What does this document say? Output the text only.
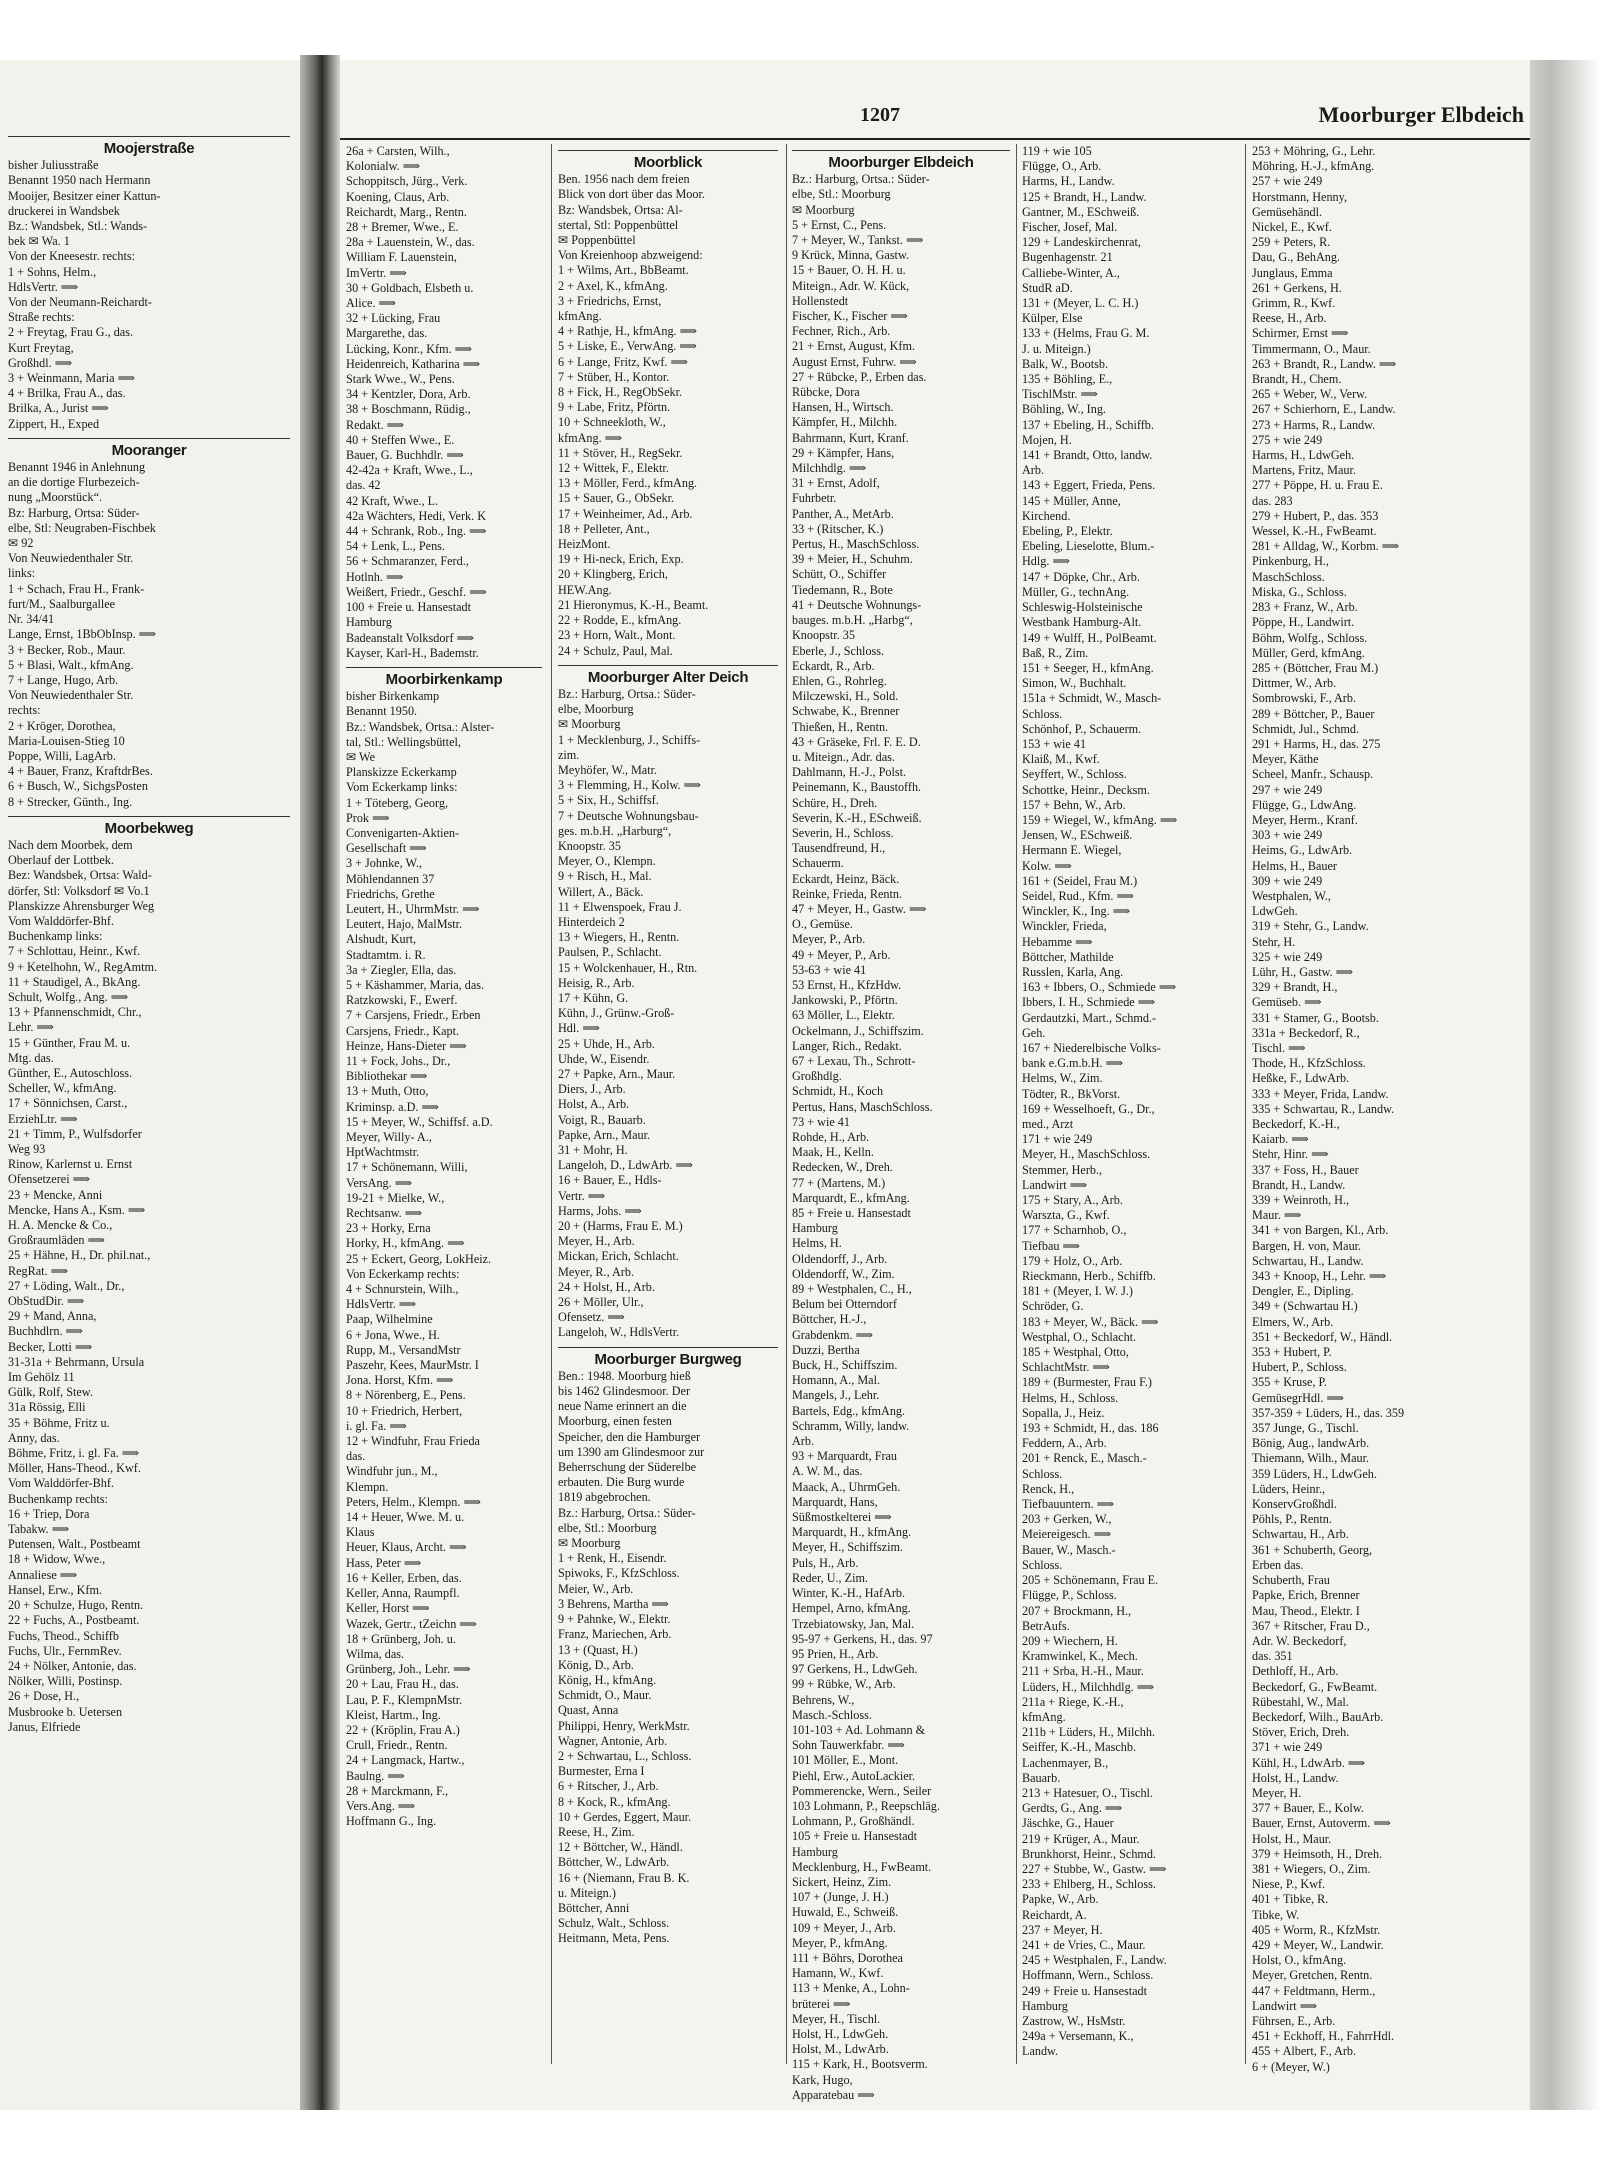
Moojerstraße
bisher Juliusstraße
Benannt 1950 nach Hermann
Mooijer, Besitzer einer Kattun-
druckerei in Wandsbek
Bz.: Wandsbek, Stl.: Wands-
bek ✉ Wa. 1
Von der Kneesestr. rechts:
1 + Sohns, Helm.,
HdlsVertr. ⟹
Von der Neumann-Reichardt-
Straße rechts:
2 + Freytag, Frau G., das.
Kurt Freytag,
Großhdl. ⟹
3 + Weinmann, Maria ⟹
4 + Brilka, Frau A., das.
Brilka, A., Jurist ⟹
Zippert, H., Exped
Mooranger
Benannt 1946 in Anlehnung
an die dortige Flurbezeich-
nung „Moorstück“.
Bz: Harburg, Ortsa: Süder-
elbe, Stl: Neugraben-Fischbek
✉ 92
Von Neuwiedenthaler Str.
links:
1 + Schach, Frau H., Frank-
furt/M., Saalburgallee
Nr. 34/41
Lange, Ernst, 1BbObInsp. ⟹
3 + Becker, Rob., Maur.
5 + Blasi, Walt., kfmAng.
7 + Lange, Hugo, Arb.
Von Neuwiedenthaler Str.
rechts:
2 + Kröger, Dorothea,
Maria-Louisen-Stieg 10
Poppe, Willi, LagArb.
4 + Bauer, Franz, KraftdrBes.
6 + Busch, W., SichgsPosten
8 + Strecker, Günth., Ing.
Moorbekweg
Nach dem Moorbek, dem
Oberlauf der Lottbek.
Bez: Wandsbek, Ortsa: Wald-
dörfer, Stl: Volksdorf ✉ Vo.1
Planskizze Ahrensburger Weg
Vom Walddörfer-Bhf.
Buchenkamp links:
7 + Schlottau, Heinr., Kwf.
9 + Ketelhohn, W., RegAmtm.
11 + Staudigel, A., BkAng.
Schult, Wolfg., Ang. ⟹
13 + Pfannenschmidt, Chr.,
Lehr. ⟹
15 + Günther, Frau M. u.
Mtg. das.
Günther, E., Autoschloss.
Scheller, W., kfmAng.
17 + Sönnichsen, Carst.,
ErziehLtr. ⟹
21 + Timm, P., Wulfsdorfer
Weg 93
Rinow, Karlernst u. Ernst
Ofensetzerei ⟹
23 + Mencke, Anni
Mencke, Hans A., Ksm. ⟹
H. A. Mencke & Co.,
Großraumläden ⟹
25 + Hähne, H., Dr. phil.nat.,
RegRat. ⟹
27 + Löding, Walt., Dr.,
ObStudDir. ⟹
29 + Mand, Anna,
Buchhdlrn. ⟹
Becker, Lotti ⟹
31-31a + Behrmann, Ursula
Im Gehölz 11
Gülk, Rolf, Stew.
31a Rössig, Elli
35 + Böhme, Fritz u.
Anny, das.
Böhme, Fritz, i. gl. Fa. ⟹
Möller, Hans-Theod., Kwf.
Vom Walddörfer-Bhf.
Buchenkamp rechts:
16 + Triep, Dora
Tabakw. ⟹
Putensen, Walt., Postbeamt
18 + Widow, Wwe.,
Annaliese ⟹
Hansel, Erw., Kfm.
20 + Schulze, Hugo, Rentn.
22 + Fuchs, A., Postbeamt.
Fuchs, Theod., Schiffb
Fuchs, Ulr., FernmRev.
24 + Nölker, Antonie, das.
Nölker, Willi, Postinsp.
26 + Dose, H.,
Musbrooke b. Uetersen
Janus, Elfriede
1207	Moorburger Elbdeich
26a + Carsten, Wilh.,
Kolonialw. ⟹
Schoppitsch, Jürg., Verk.
Koening, Claus, Arb.
Reichardt, Marg., Rentn.
28 + Bremer, Wwe., E.
28a + Lauenstein, W., das.
William F. Lauenstein,
ImVertr. ⟹
30 + Goldbach, Elsbeth u.
Alice. ⟹
32 + Lücking, Frau
Margarethe, das.
Lücking, Konr., Kfm. ⟹
Heidenreich, Katharina ⟹
Stark Wwe., W., Pens.
34 + Kentzler, Dora, Arb.
38 + Boschmann, Rüdig.,
Redakt. ⟹
40 + Steffen Wwe., E.
Bauer, G. Buchhdlr. ⟹
42-42a + Kraft, Wwe., L.,
das. 42
42 Kraft, Wwe., L.
42a Wächters, Hedi, Verk. K
44 + Schrank, Rob., Ing. ⟹
54 + Lenk, L., Pens.
56 + Schmaranzer, Ferd.,
Hotlnh. ⟹
Weißert, Friedr., Geschf. ⟹
100 + Freie u. Hansestadt
Hamburg
Badeanstalt Volksdorf ⟹
Kayser, Karl-H., Bademstr.
Moorbirkenkamp
bisher Birkenkamp
Benannt 1950.
Bz.: Wandsbek, Ortsa.: Alster-
tal, Stl.: Wellingsbüttel,
✉ We
Planskizze Eckerkamp
Vom Eckerkamp links:
1 + Töteberg, Georg,
Prok ⟹
Convenigarten-Aktien-
Gesellschaft ⟹
3 + Johnke, W.,
Möhlendannen 37
Friedrichs, Grethe
Leutert, H., UhrmMstr. ⟹
Leutert, Hajo, MalMstr.
Alshudt, Kurt,
Stadtamtm. i. R.
3a + Ziegler, Ella, das.
5 + Käshammer, Maria, das.
Ratzkowski, F., Ewerf.
7 + Carsjens, Friedr., Erben
Carsjens, Friedr., Kapt.
Heinze, Hans-Dieter ⟹
11 + Fock, Johs., Dr.,
Bibliothekar ⟹
13 + Muth, Otto,
Kriminsp. a.D. ⟹
15 + Meyer, W., Schiffsf. a.D.
Meyer, Willy- A.,
HptWachtmstr.
17 + Schönemann, Willi,
VersAng. ⟹
19-21 + Mielke, W.,
Rechtsanw. ⟹
23 + Horky, Erna
Horky, H., kfmAng. ⟹
25 + Eckert, Georg, LokHeiz.
Von Eckerkamp rechts:
4 + Schnurstein, Wilh.,
HdlsVertr. ⟹
Paap, Wilhelmine
6 + Jona, Wwe., H.
Rupp, M., VersandMstr
Paszehr, Kees, MaurMstr. I
Jona. Horst, Kfm. ⟹
8 + Nörenberg, E., Pens.
10 + Friedrich, Herbert,
i. gl. Fa. ⟹
12 + Windfuhr, Frau Frieda
das.
Windfuhr jun., M.,
Klempn.
Peters, Helm., Klempn. ⟹
14 + Heuer, Wwe. M. u.
Klaus
Heuer, Klaus, Archt. ⟹
Hass, Peter ⟹
16 + Keller, Erben, das.
Keller, Anna, Raumpfl.
Keller, Horst ⟹
Wazek, Gertr., tZeichn ⟹
18 + Grünberg, Joh. u.
Wilma, das.
Grünberg, Joh., Lehr. ⟹
20 + Lau, Frau H., das.
Lau, P. F., KlempnMstr.
Kleist, Hartm., Ing.
22 + (Kröplin, Frau A.)
Crull, Friedr., Rentn.
24 + Langmack, Hartw.,
Baulng. ⟹
28 + Marckmann, F.,
Vers.Ang. ⟹
Hoffmann G., Ing.
Moorblick
Ben. 1956 nach dem freien
Blick von dort über das Moor.
Bz: Wandsbek, Ortsa: Al-
stertal, Stl: Poppenbüttel
✉ Poppenbüttel
Von Kreienhoop abzweigend:
1 + Wilms, Art., BbBeamt.
2 + Axel, K., kfmAng.
3 + Friedrichs, Ernst,
kfmAng.
4 + Rathje, H., kfmAng. ⟹
5 + Liske, E., VerwAng. ⟹
6 + Lange, Fritz, Kwf. ⟹
7 + Stüber, H., Kontor.
8 + Fick, H., RegObSekr.
9 + Labe, Fritz, Pförtn.
10 + Schneekloth, W.,
kfmAng. ⟹
11 + Stöver, H., RegSekr.
12 + Wittek, F., Elektr.
13 + Möller, Ferd., kfmAng.
15 + Sauer, G., ObSekr.
17 + Weinheimer, Ad., Arb.
18 + Pelleter, Ant.,
HeizMont.
19 + Hi-neck, Erich, Exp.
20 + Klingberg, Erich,
HEW.Ang.
21 Hieronymus, K.-H., Beamt.
22 + Rodde, E., kfmAng.
23 + Horn, Walt., Mont.
24 + Schulz, Paul, Mal.
Moorburger Alter Deich
Bz.: Harburg, Ortsa.: Süder-
elbe, Moorburg
✉ Moorburg
1 + Mecklenburg, J., Schiffs-
zim.
Meyhöfer, W., Matr.
3 + Flemming, H., Kolw. ⟹
5 + Six, H., Schiffsf.
7 + Deutsche Wohnungsbau-
ges. m.b.H. „Harburg“,
Knoopstr. 35
Meyer, O., Klempn.
9 + Risch, H., Mal.
Willert, A., Bäck.
11 + Elwenspoek, Frau J.
Hinterdeich 2
13 + Wiegers, H., Rentn.
Paulsen, P., Schlacht.
15 + Wolckenhauer, H., Rtn.
Heisig, R., Arb.
17 + Kühn, G.
Kühn, J., Grünw.-Groß-
Hdl. ⟹
25 + Uhde, H., Arb.
Uhde, W., Eisendr.
27 + Papke, Arn., Maur.
Diers, J., Arb.
Holst, A., Arb.
Voigt, R., Bauarb.
Papke, Arn., Maur.
31 + Mohr, H.
Langeloh, D., LdwArb. ⟹
16 + Bauer, E., Hdls-
Vertr. ⟹
Harms, Johs. ⟹
20 + (Harms, Frau E. M.)
Meyer, H., Arb.
Mickan, Erich, Schlacht.
Meyer, R., Arb.
24 + Holst, H., Arb.
26 + Möller, Ulr.,
Ofensetz. ⟹
Langeloh, W., HdlsVertr.
Moorburger Burgweg
Ben.: 1948. Moorburg hieß
bis 1462 Glindesmoor. Der
neue Name erinnert an die
Moorburg, einen festen
Speicher, den die Hamburger
um 1390 am Glindesmoor zur
Beherrschung der Süderelbe
erbauten. Die Burg wurde
1819 abgebrochen.
Bz.: Harburg, Ortsa.: Süder-
elbe, Stl.: Moorburg
✉ Moorburg
1 + Renk, H., Eisendr.
Spiwoks, F., KfzSchloss.
Meier, W., Arb.
3 Behrens, Martha ⟹
9 + Pahnke, W., Elektr.
Franz, Mariechen, Arb.
13 + (Quast, H.)
König, D., Arb.
König, H., kfmAng.
Schmidt, O., Maur.
Quast, Anna
Philippi, Henry, WerkMstr.
Wagner, Antonie, Arb.
2 + Schwartau, L., Schloss.
Burmester, Erna I
6 + Ritscher, J., Arb.
8 + Kock, R., kfmAng.
10 + Gerdes, Eggert, Maur.
Reese, H., Zim.
12 + Böttcher, W., Händl.
Böttcher, W., LdwArb.
16 + (Niemann, Frau B. K.
u. Miteign.)
Böttcher, Anni
Schulz, Walt., Schloss.
Heitmann, Meta, Pens.
Moorburger Elbdeich
Bz.: Harburg, Ortsa.: Süder-
elbe, Stl.: Moorburg
✉ Moorburg
5 + Ernst, C., Pens.
7 + Meyer, W., Tankst. ⟹
9 Krück, Minna, Gastw.
15 + Bauer, O. H. H. u.
Miteign., Adr. W. Kück,
Hollenstedt
Fischer, K., Fischer ⟹
Fechner, Rich., Arb.
21 + Ernst, August, Kfm.
August Ernst, Fuhrw. ⟹
27 + Rübcke, P., Erben das.
Rübcke, Dora
Hansen, H., Wirtsch.
Kämpfer, H., Milchh.
Bahrmann, Kurt, Kranf.
29 + Kämpfer, Hans,
Milchhdlg. ⟹
31 + Ernst, Adolf,
Fuhrbetr.
Panther, A., MetArb.
33 + (Ritscher, K.)
Pertus, H., MaschSchloss.
39 + Meier, H., Schuhm.
Schütt, O., Schiffer
Tiedemann, R., Bote
41 + Deutsche Wohnungs-
bauges. m.b.H. „Harbg“,
Knoopstr. 35
Eberle, J., Schloss.
Eckardt, R., Arb.
Ehlen, G., Rohrleg.
Milczewski, H., Sold.
Schwabe, K., Brenner
Thießen, H., Rentn.
43 + Gräseke, Frl. F. E. D.
u. Miteign., Adr. das.
Dahlmann, H.-J., Polst.
Peinemann, K., Baustoffh.
Schüre, H., Dreh.
Severin, K.-H., ESchweiß.
Severin, H., Schloss.
Tausendfreund, H.,
Schauerm.
Eckardt, Heinz, Bäck.
Reinke, Frieda, Rentn.
47 + Meyer, H., Gastw. ⟹
O., Gemüse.
Meyer, P., Arb.
49 + Meyer, P., Arb.
53-63 + wie 41
53 Ernst, H., KfzHdw.
Jankowski, P., Pförtn.
63 Möller, L., Elektr.
Ockelmann, J., Schiffszim.
Langer, Rich., Redakt.
67 + Lexau, Th., Schrott-
Großhdlg.
Schmidt, H., Koch
Pertus, Hans, MaschSchloss.
73 + wie 41
Rohde, H., Arb.
Maak, H., Kelln.
Redecken, W., Dreh.
77 + (Martens, M.)
Marquardt, E., kfmAng.
85 + Freie u. Hansestadt
Hamburg
Helms, H.
Oldendorff, J., Arb.
Oldendorff, W., Zim.
89 + Westphalen, C., H.,
Belum bei Otterndorf
Böttcher, H.-J.,
Grabdenkm. ⟹
Duzzi, Bertha
Buck, H., Schiffszim.
Homann, A., Mal.
Mangels, J., Lehr.
Bartels, Edg., kfmAng.
Schramm, Willy, landw.
Arb.
93 + Marquardt, Frau
A. W. M., das.
Maack, A., UhrmGeh.
Marquardt, Hans,
Süßmostkelterei ⟹
Marquardt, H., kfmAng.
Meyer, H., Schiffszim.
Puls, H., Arb.
Reder, U., Zim.
Winter, K.-H., HafArb.
Hempel, Arno, kfmAng.
Trzebiatowsky, Jan, Mal.
95-97 + Gerkens, H., das. 97
95 Prien, H., Arb.
97 Gerkens, H., LdwGeh.
99 + Rübke, W., Arb.
Behrens, W.,
Masch.-Schloss.
101-103 + Ad. Lohmann &
Sohn Tauwerkfabr. ⟹
101 Möller, E., Mont.
Piehl, Erw., AutoLackier.
Pommerencke, Wern., Seiler
103 Lohmann, P., Reepschläg.
Lohmann, P., Großhändl.
105 + Freie u. Hansestadt
Hamburg
Mecklenburg, H., FwBeamt.
Sickert, Heinz, Zim.
107 + (Junge, J. H.)
Huwald, E., Schweiß.
109 + Meyer, J., Arb.
Meyer, P., kfmAng.
111 + Böhrs, Dorothea
Hamann, W., Kwf.
113 + Menke, A., Lohn-
brüterei ⟹
Meyer, H., Tischl.
Holst, H., LdwGeh.
Holst, M., LdwArb.
115 + Kark, H., Bootsverm.
Kark, Hugo,
Apparatebau ⟹
119 + wie 105
Flügge, O., Arb.
Harms, H., Landw.
125 + Brandt, H., Landw.
Gantner, M., ESchweiß.
Fischer, Josef, Mal.
129 + Landeskirchenrat,
Bugenhagenstr. 21
Calliebe-Winter, A.,
StudR aD.
131 + (Meyer, L. C. H.)
Külper, Else
133 + (Helms, Frau G. M.
J. u. Miteign.)
Balk, W., Bootsb.
135 + Böhling, E.,
TischlMstr. ⟹
Böhling, W., Ing.
137 + Ebeling, H., Schiffb.
Mojen, H.
141 + Brandt, Otto, landw.
Arb.
143 + Eggert, Frieda, Pens.
145 + Müller, Anne,
Kirchend.
Ebeling, P., Elektr.
Ebeling, Lieselotte, Blum.-
Hdlg. ⟹
147 + Döpke, Chr., Arb.
Müller, G., technAng.
Schleswig-Holsteinische
Westbank Hamburg-Alt.
149 + Wulff, H., PolBeamt.
Baß, R., Zim.
151 + Seeger, H., kfmAng.
Simon, W., Buchhalt.
151a + Schmidt, W., Masch-
Schloss.
Schönhof, P., Schauerm.
153 + wie 41
Klaiß, M., Kwf.
Seyffert, W., Schloss.
Schottke, Heinr., Decksm.
157 + Behn, W., Arb.
159 + Wiegel, W., kfmAng. ⟹
Jensen, W., ESchweiß.
Hermann E. Wiegel,
Kolw. ⟹
161 + (Seidel, Frau M.)
Seidel, Rud., Kfm. ⟹
Winckler, K., Ing. ⟹
Winckler, Frieda,
Hebamme ⟹
Böttcher, Mathilde
Russlen, Karla, Ang.
163 + Ibbers, O., Schmiede ⟹
Ibbers, I. H., Schmiede ⟹
Gerdautzki, Mart., Schmd.-
Geh.
167 + Niederelbische Volks-
bank e.G.m.b.H. ⟹
Helms, W., Zim.
Tödter, R., BkVorst.
169 + Wesselhoeft, G., Dr.,
med., Arzt
171 + wie 249
Meyer, H., MaschSchloss.
Stemmer, Herb.,
Landwirt ⟹
175 + Stary, A., Arb.
Warszta, G., Kwf.
177 + Scharnhob, O.,
Tiefbau ⟹
179 + Holz, O., Arb.
Rieckmann, Herb., Schiffb.
181 + (Meyer, I. W. J.)
Schröder, G.
183 + Meyer, W., Bäck. ⟹
Westphal, O., Schlacht.
185 + Westphal, Otto,
SchlachtMstr. ⟹
189 + (Burmester, Frau F.)
Helms, H., Schloss.
Sopalla, J., Heiz.
193 + Schmidt, H., das. 186
Feddern, A., Arb.
201 + Renck, E., Masch.-
Schloss.
Renck, H.,
Tiefbauuntern. ⟹
203 + Gerken, W.,
Meiereigesch. ⟹
Bauer, W., Masch.-
Schloss.
205 + Schönemann, Frau E.
Flügge, P., Schloss.
207 + Brockmann, H.,
BetrAufs.
209 + Wiechern, H.
Kramwinkel, K., Mech.
211 + Srba, H.-H., Maur.
Lüders, H., Milchhdlg. ⟹
211a + Riege, K.-H.,
kfmAng.
211b + Lüders, H., Milchh.
Seiffer, K.-H., Maschb.
Lachenmayer, B.,
Bauarb.
213 + Hatesuer, O., Tischl.
Gerdts, G., Ang. ⟹
Jäschke, G., Hauer
219 + Krüger, A., Maur.
Brunkhorst, Heinr., Schmd.
227 + Stubbe, W., Gastw. ⟹
233 + Ehlberg, H., Schloss.
Papke, W., Arb.
Reichardt, A.
237 + Meyer, H.
241 + de Vries, C., Maur.
245 + Westphalen, F., Landw.
Hoffmann, Wern., Schloss.
249 + Freie u. Hansestadt
Hamburg
Zastrow, W., HsMstr.
249a + Versemann, K.,
Landw.
253 + Möhring, G., Lehr.
Möhring, H.-J., kfmAng.
257 + wie 249
Horstmann, Henny,
Gemüsehändl.
Nickel, E., Kwf.
259 + Peters, R.
Dau, G., BehAng.
Junglaus, Emma
261 + Gerkens, H.
Grimm, R., Kwf.
Reese, H., Arb.
Schirmer, Ernst ⟹
Timmermann, O., Maur.
263 + Brandt, R., Landw. ⟹
Brandt, H., Chem.
265 + Weber, W., Verw.
267 + Schierhorn, E., Landw.
273 + Harms, R., Landw.
275 + wie 249
Harms, H., LdwGeh.
Martens, Fritz, Maur.
277 + Pöppe, H. u. Frau E.
das. 283
279 + Hubert, P., das. 353
Wessel, K.-H., FwBeamt.
281 + Alldag, W., Korbm. ⟹
Pinkenburg, H.,
MaschSchloss.
Miska, G., Schloss.
283 + Franz, W., Arb.
Pöppe, H., Landwirt.
Böhm, Wolfg., Schloss.
Müller, Gerd, kfmAng.
285 + (Böttcher, Frau M.)
Dittmer, W., Arb.
Sombrowski, F., Arb.
289 + Böttcher, P., Bauer
Schmidt, Jul., Schmd.
291 + Harms, H., das. 275
Meyer, Käthe
Scheel, Manfr., Schausp.
297 + wie 249
Flügge, G., LdwAng.
Meyer, Herm., Kranf.
303 + wie 249
Heims, G., LdwArb.
Helms, H., Bauer
309 + wie 249
Westphalen, W.,
LdwGeh.
319 + Stehr, G., Landw.
Stehr, H.
325 + wie 249
Lühr, H., Gastw. ⟹
329 + Brandt, H.,
Gemüseb. ⟹
331 + Stamer, G., Bootsb.
331a + Beckedorf, R.,
Tischl. ⟹
Thode, H., KfzSchloss.
Heßke, F., LdwArb.
333 + Meyer, Frida, Landw.
335 + Schwartau, R., Landw.
Beckedorf, K.-H.,
Kaiarb. ⟹
Stehr, Hinr. ⟹
337 + Foss, H., Bauer
Brandt, H., Landw.
339 + Weinroth, H.,
Maur. ⟹
341 + von Bargen, Kl., Arb.
Bargen, H. von, Maur.
Schwartau, H., Landw.
343 + Knoop, H., Lehr. ⟹
Dengler, E., Dipling.
349 + (Schwartau H.)
Elmers, W., Arb.
351 + Beckedorf, W., Händl.
353 + Hubert, P.
Hubert, P., Schloss.
355 + Kruse, P.
GemüsegrHdl. ⟹
357-359 + Lüders, H., das. 359
357 Junge, G., Tischl.
Bönig, Aug., landwArb.
Thiemann, Wilh., Maur.
359 Lüders, H., LdwGeh.
Lüders, Heinr.,
KonservGroßhdl.
Pöhls, P., Rentn.
Schwartau, H., Arb.
361 + Schuberth, Georg,
Erben das.
Schuberth, Frau
Papke, Erich, Brenner
Mau, Theod., Elektr. I
367 + Ritscher, Frau D.,
Adr. W. Beckedorf,
das. 351
Dethloff, H., Arb.
Beckedorf, G., FwBeamt.
Rübestahl, W., Mal.
Beckedorf, Wilh., BauArb.
Stöver, Erich, Dreh.
371 + wie 249
Kühl, H., LdwArb. ⟹
Holst, H., Landw.
Meyer, H.
377 + Bauer, E., Kolw.
Bauer, Ernst, Autoverm. ⟹
Holst, H., Maur.
379 + Heimsoth, H., Dreh.
381 + Wiegers, O., Zim.
Niese, P., Kwf.
401 + Tibke, R.
Tibke, W.
405 + Worm, R., KfzMstr.
429 + Meyer, W., Landwir.
Holst, O., kfmAng.
Meyer, Gretchen, Rentn.
447 + Feldtmann, Herm.,
Landwirt ⟹
Führsen, E., Arb.
451 + Eckhoff, H., FahrrHdl.
455 + Albert, F., Arb.
6 + (Meyer, W.)
